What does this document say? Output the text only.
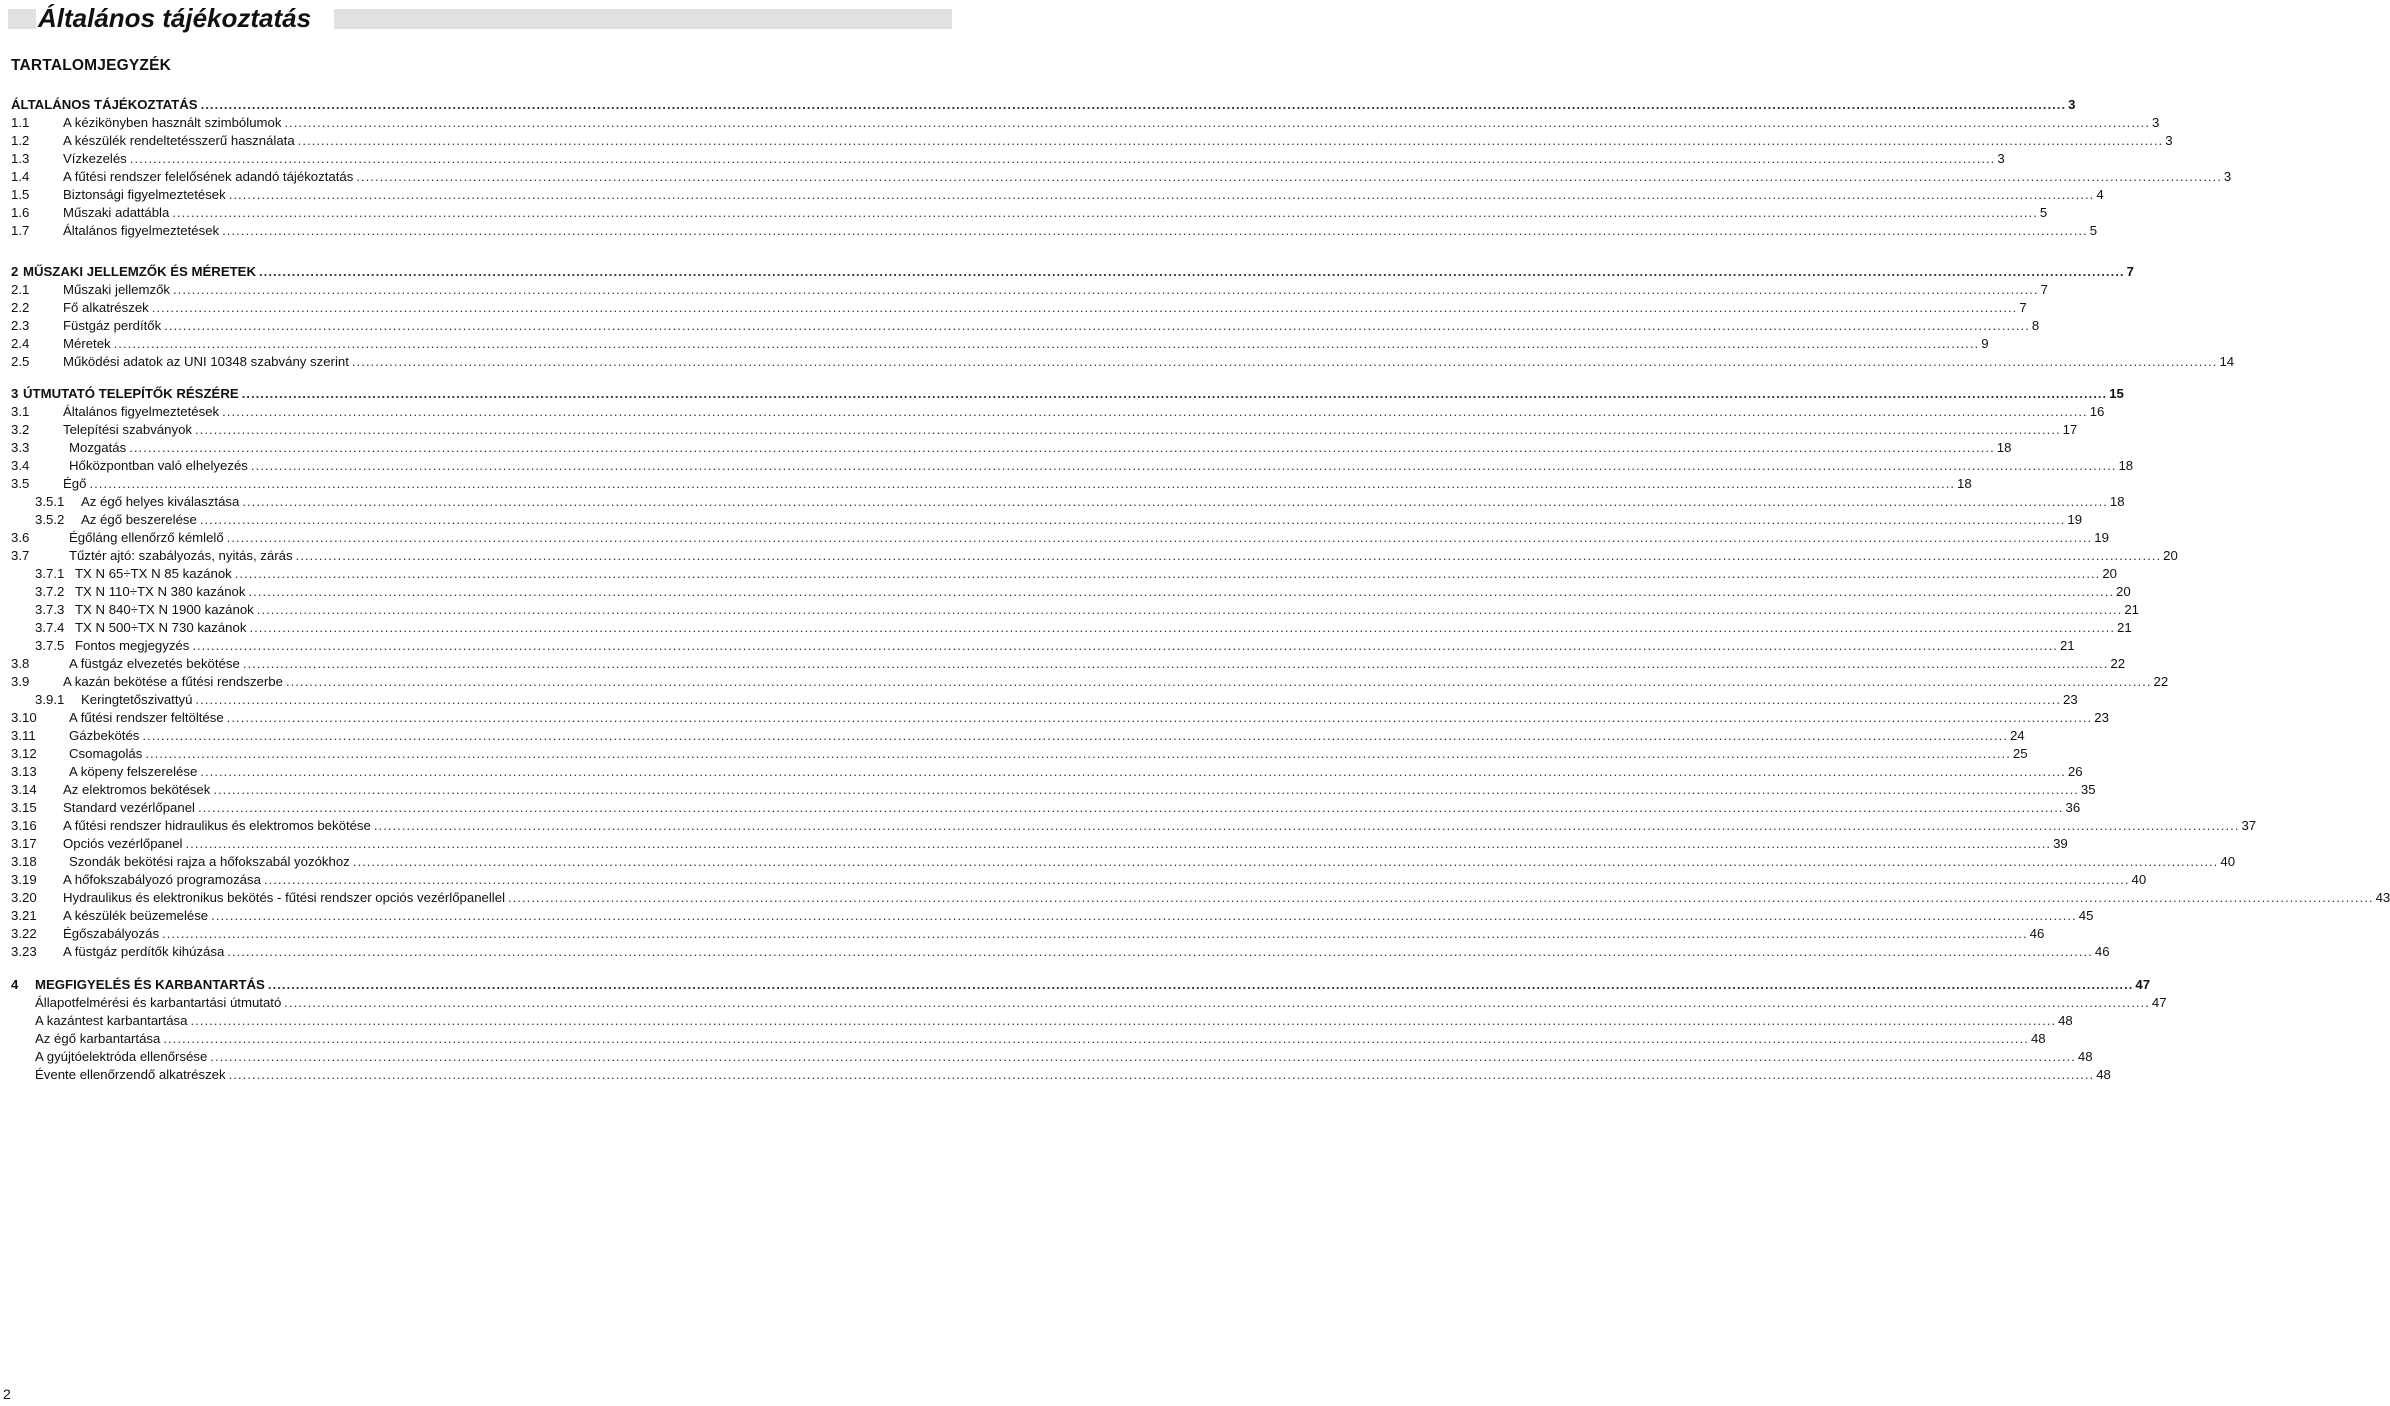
Általános tájékoztatás
TARTALOMJEGYZÉK
ÁLTALÁNOS TÁJÉKOZTATÁS ................................................................................................................................................................................................................................................................................................................................................................................................................ 3
1.1	A kézikönyben használt szimbólumok ................................................................................................................................................................................................................................................................................................................................................................................................................ 3
1.2	A készülék rendeltetésszerű használata ................................................................................................................................................................................................................................................................................................................................................................................................................ 3
1.3	Vízkezelés ................................................................................................................................................................................................................................................................................................................................................................................................................ 3
1.4	A fűtési rendszer felelősének adandó tájékoztatás ................................................................................................................................................................................................................................................................................................................................................................................................................ 3
1.5	Biztonsági figyelmeztetések ................................................................................................................................................................................................................................................................................................................................................................................................................ 4
1.6	Műszaki adattábla ................................................................................................................................................................................................................................................................................................................................................................................................................ 5
1.7	Általános figyelmeztetések ................................................................................................................................................................................................................................................................................................................................................................................................................ 5
2 MŰSZAKI JELLEMZŐK ÉS MÉRETEK ................................................................................................................................................................................................................................................................................................................................................................................................................ 7
2.1	Műszaki jellemzők ................................................................................................................................................................................................................................................................................................................................................................................................................ 7
2.2	Fő alkatrészek ................................................................................................................................................................................................................................................................................................................................................................................................................ 7
2.3	Füstgáz perdítők ................................................................................................................................................................................................................................................................................................................................................................................................................ 8
2.4	Méretek ................................................................................................................................................................................................................................................................................................................................................................................................................ 9
2.5	Működési adatok az UNI 10348 szabvány szerint ................................................................................................................................................................................................................................................................................................................................................................................................................ 14
3 ÚTMUTATÓ TELEPÍTŐK RÉSZÉRE ................................................................................................................................................................................................................................................................................................................................................................................................................ 15
3.1	Általános figyelmeztetések ................................................................................................................................................................................................................................................................................................................................................................................................................ 16
3.2	Telepítési szabványok ................................................................................................................................................................................................................................................................................................................................................................................................................ 17
3.3	Mozgatás ................................................................................................................................................................................................................................................................................................................................................................................................................ 18
3.4	Hőközpontban való elhelyezés ................................................................................................................................................................................................................................................................................................................................................................................................................ 18
3.5	Égő ................................................................................................................................................................................................................................................................................................................................................................................................................ 18
3.5.1 Az égő helyes kiválasztása ................................................................................................................................................................................................................................................................................................................................................................................................................ 18
3.5.2 Az égő beszerelése ................................................................................................................................................................................................................................................................................................................................................................................................................ 19
3.6	Égőláng ellenőrző kémlelő ................................................................................................................................................................................................................................................................................................................................................................................................................ 19
3.7	Tűztér ajtó: szabályozás, nyitás, zárás ................................................................................................................................................................................................................................................................................................................................................................................................................ 20
3.7.1 TX N 65÷TX N 85 kazánok ................................................................................................................................................................................................................................................................................................................................................................................................................ 20
3.7.2 TX N 110÷TX N 380 kazánok ................................................................................................................................................................................................................................................................................................................................................................................................................ 20
3.7.3 TX N 840÷TX N 1900 kazánok ................................................................................................................................................................................................................................................................................................................................................................................................................ 21
3.7.4 TX N 500÷TX N 730 kazánok ................................................................................................................................................................................................................................................................................................................................................................................................................ 21
3.7.5 Fontos megjegyzés ................................................................................................................................................................................................................................................................................................................................................................................................................ 21
3.8	A füstgáz elvezetés bekötése ................................................................................................................................................................................................................................................................................................................................................................................................................ 22
3.9	A kazán bekötése a fűtési rendszerbe ................................................................................................................................................................................................................................................................................................................................................................................................................ 22
3.9.1 Keringtetőszivattyú ................................................................................................................................................................................................................................................................................................................................................................................................................ 23
3.10 A fűtési rendszer feltöltése ................................................................................................................................................................................................................................................................................................................................................................................................................ 23
3.11	Gázbekötés ................................................................................................................................................................................................................................................................................................................................................................................................................ 24
3.12 Csomagolás ................................................................................................................................................................................................................................................................................................................................................................................................................ 25
3.13 A köpeny felszerelése ................................................................................................................................................................................................................................................................................................................................................................................................................ 26
3.14 Az elektromos bekötések ................................................................................................................................................................................................................................................................................................................................................................................................................ 35
3.15 Standard vezérlőpanel ................................................................................................................................................................................................................................................................................................................................................................................................................ 36
3.16 A fűtési rendszer hidraulikus és elektromos bekötése ................................................................................................................................................................................................................................................................................................................................................................................................................ 37
3.17 Opciós vezérlőpanel ................................................................................................................................................................................................................................................................................................................................................................................................................ 39
3.18 Szondák bekötési rajza a hőfokszabál yozókhoz ................................................................................................................................................................................................................................................................................................................................................................................................................ 40
3.19 A hőfokszabályozó programozása ................................................................................................................................................................................................................................................................................................................................................................................................................ 40
3.20 Hydraulikus és elektronikus bekötés - fűtési rendszer opciós vezérlőpanellel ................................................................................................................................................................................................................................................................................................................................................................................................................ 43
3.21 A készülék beüzemelése ................................................................................................................................................................................................................................................................................................................................................................................................................ 45
3.22 Égőszabályozás ................................................................................................................................................................................................................................................................................................................................................................................................................ 46
3.23 A füstgáz perdítők kihúzása ................................................................................................................................................................................................................................................................................................................................................................................................................ 46
4 MEGFIGYELÉS ÉS KARBANTARTÁS ................................................................................................................................................................................................................................................................................................................................................................................................................ 47
Állapotfelmérési és karbantartási útmutató ................................................................................................................................................................................................................................................................................................................................................................................................................ 47
A kazántest karbantartása ................................................................................................................................................................................................................................................................................................................................................................................................................ 48
Az égő karbantartása ................................................................................................................................................................................................................................................................................................................................................................................................................ 48
A gyújtóelektróda ellenőrsése ................................................................................................................................................................................................................................................................................................................................................................................................................ 48
Évente ellenőrzendő alkatrészek ................................................................................................................................................................................................................................................................................................................................................................................................................ 48
2
